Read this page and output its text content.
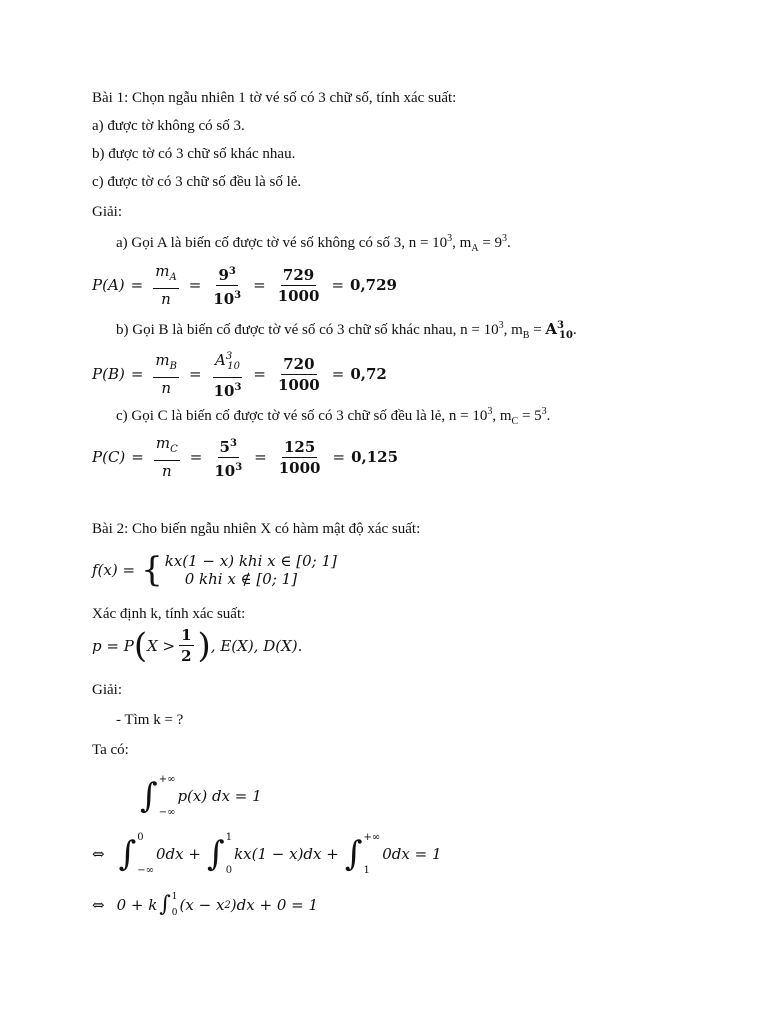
Bài 1: Chọn ngẫu nhiên 1 tờ vé số có 3 chữ số, tính xác suất:
a) được tờ không có số 3.
b) được tờ có 3 chữ số khác nhau.
c) được tờ có 3 chữ số đều là số lẻ.
Giải:
a) Gọi A là biến cố được tờ vé số không có số 3, $n = 10^3$, $m_A = 9^3$.
$P(A) = \frac{m_A}{n} = \frac{9^3}{10^3} = \frac{729}{1000} = 0,729$
b) Gọi B là biến cố được tờ vé số có 3 chữ số khác nhau, $n = 10^3$, $m_B = A^3_{10}$.
$P(B) = \frac{m_B}{n} = \frac{A^3_{10}}{10^3} = \frac{720}{1000} = 0,72$
c) Gọi C là biến cố được tờ vé số có 3 chữ số đều là lẻ, $n = 10^3$, $m_C = 5^3$.
$P(C) = \frac{m_C}{n} = \frac{5^3}{10^3} = \frac{125}{1000} = 0,125$
Bài 2: Cho biến ngẫu nhiên X có hàm mật độ xác suất:
f(x) = { kx(1 − x) khi x ∈ [0; 1]
0 khi x ∉ [0; 1]
Xác định k, tính xác suất:
p = P ( $X > \frac{1}{2}$ ) , E(X), D(X).
Giải:
- Tìm k = ?
Ta có:
∫ +∞
−∞
p(x) dx = 1
⇔ ∫ 0
−∞
0dx + ∫ 1
0
kx(1 − x)dx + ∫ +∞
1
0dx = 1
⇔ 0 + k ∫ 1
0 (x − x 2 )dx + 0 = 1
